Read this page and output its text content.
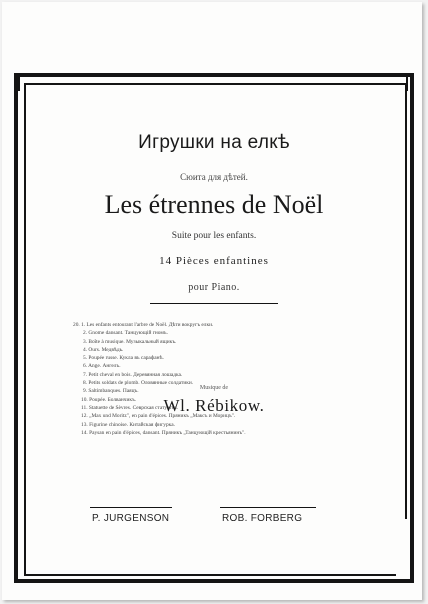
Игрушки на елкѣ
Сюита для дѣтей.
Les étrennes de Noël
Suite pour les enfants.
14 Pièces enfantines
pour Piano.
20. 1. Les enfants entourant l'arbre de Noël. Дѣти вокругъ елки.
2. Gnome dansant. Танцующій гномъ.
3. Boîte à musique. Музыкальный ящикъ.
4. Ours. Медвѣдь.
5. Poupée russe. Кукла въ сарафанѣ.
6. Ange. Ангелъ.
7. Petit cheval en bois. Деревянная лошадка.
8. Petits soldats de plomb. Оловянные солдатики.
9. Saltimbanques. Паяцъ.
10. Poupée. Болванчикъ.
11. Statuette de Sèvres. Севрская статуэтка.
12. „Max und Moritz", en pain d'épices. Пряникъ „Максъ и Морицъ".
13. Figurine chinoise. Китайская фигурка.
14. Paysan en pain d'épices, dansant. Пряникъ „Танцующій крестьянинъ".
Musique de
Wl. Rébikow.
P. JURGENSON	ROB. FORBERG
